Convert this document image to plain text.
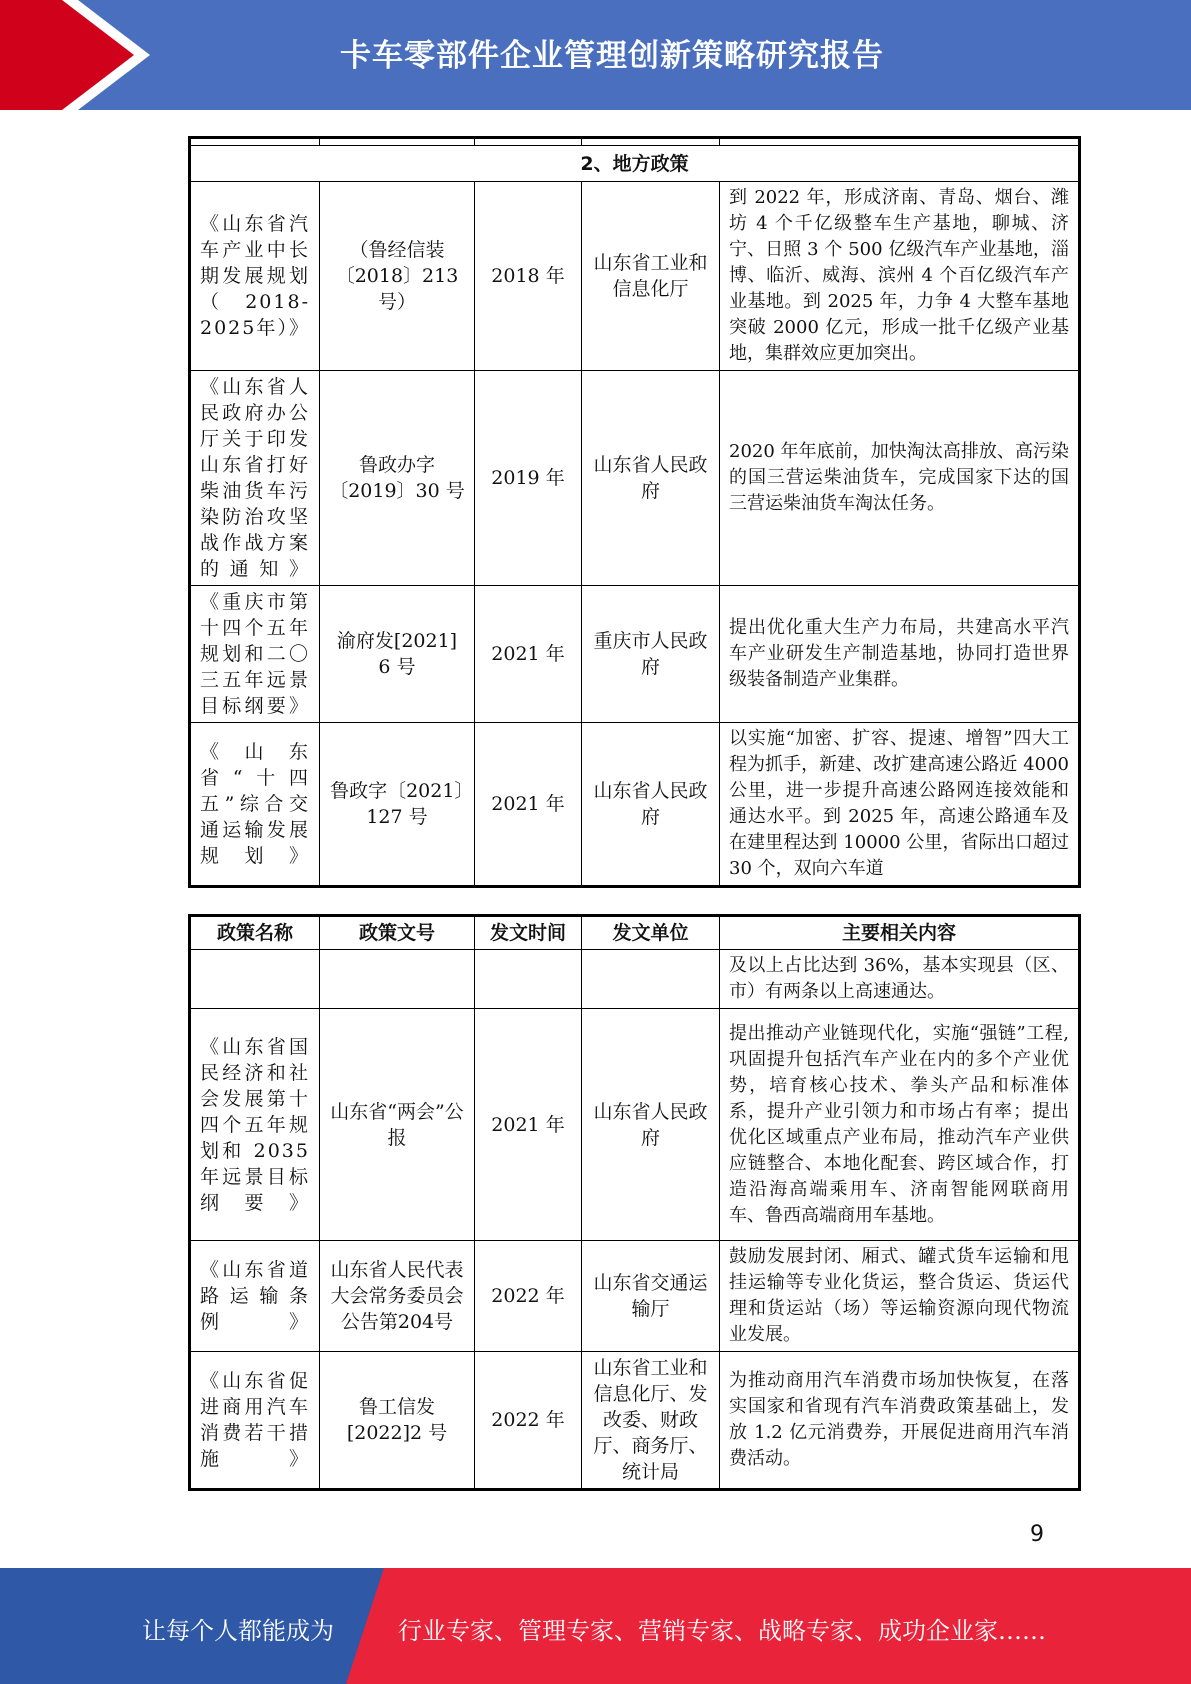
卡车零部件企业管理创新策略研究报告

2、地方政策				
《山东省汽车产业中长期发展规划（2018-2025年）》	（鲁经信装〔2018〕213号）	2018 年	山东省工业和信息化厅	到 2022 年，形成济南、青岛、烟台、潍坊 4 个千亿级整车生产基地，聊城、济宁、日照 3 个 500 亿级汽车产业基地，淄博、临沂、威海、滨州 4 个百亿级汽车产业基地。到 2025 年，力争 4 大整车基地突破 2000 亿元，形成一批千亿级产业基地，集群效应更加突出。
《山东省人民政府办公厅关于印发山东省打好柴油货车污染防治攻坚战作战方案的通知》	鲁政办字〔2019〕30 号	2019 年	山东省人民政府	2020 年年底前，加快淘汰高排放、高污染的国三营运柴油货车，完成国家下达的国三营运柴油货车淘汰任务。
《重庆市第十四个五年规划和二〇三五年远景目标纲要》	渝府发[2021] 6 号	2021 年	重庆市人民政府	提出优化重大生产力布局，共建高水平汽车产业研发生产制造基地，协同打造世界级装备制造产业集群。
《山东省“十四五”综合交通运输发展规划》	鲁政字〔2021〕127 号	2021 年	山东省人民政府	以实施“加密、扩容、提速、增智”四大工程为抓手，新建、改扩建高速公路近 4000 公里，进一步提升高速公路网连接效能和通达水平。到 2025 年，高速公路通车及在建里程达到 10000 公里，省际出口超过 30 个，双向六车道
政策名称	政策文号	发文时间	发文单位	主要相关内容
				及以上占比达到 36%，基本实现县（区、市）有两条以上高速通达。
《山东省国民经济和社会发展第十四个五年规划和 2035 年远景目标纲要》	山东省“两会”公报	2021 年	山东省人民政府	提出推动产业链现代化，实施“强链”工程,巩固提升包括汽车产业在内的多个产业优势，培育核心技术、拳头产品和标准体系，提升产业引领力和市场占有率；提出优化区域重点产业布局，推动汽车产业供应链整合、本地化配套、跨区域合作，打造沿海高端乘用车、济南智能网联商用车、鲁西高端商用车基地。
《山东省道路运输条例》	山东省人民代表大会常务委员会公告第204号	2022 年	山东省交通运输厅	鼓励发展封闭、厢式、罐式货车运输和甩挂运输等专业化货运，整合货运、货运代理和货运站（场）等运输资源向现代物流业发展。
《山东省促进商用汽车消费若干措施》	鲁工信发 [2022]2 号	2022 年	山东省工业和信息化厅、发改委、财政厅、商务厅、统计局	为推动商用汽车消费市场加快恢复，在落实国家和省现有汽车消费政策基础上，发放 1.2 亿元消费券，开展促进商用汽车消费活动。
9
让每个人都能成为	行业专家、管理专家、营销专家、战略专家、成功企业家……
